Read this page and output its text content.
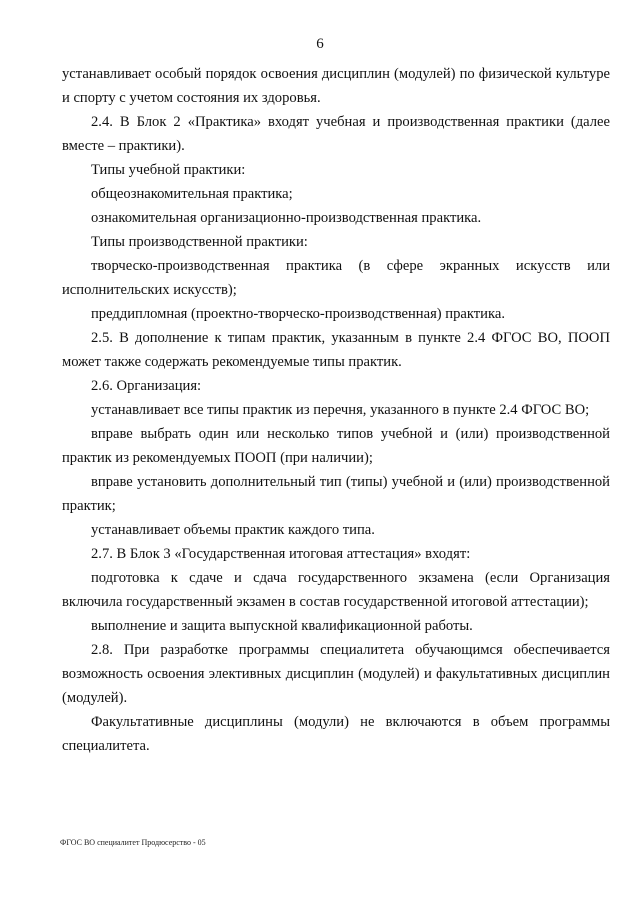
6

устанавливает особый порядок освоения дисциплин (модулей) по физической культуре и спорту с учетом состояния их здоровья.

2.4. В Блок 2 «Практика» входят учебная и производственная практики (далее вместе – практики).

Типы учебной практики:

общеознакомительная практика;

ознакомительная организационно-производственная практика.

Типы производственной практики:

творческо-производственная практика (в сфере экранных искусств или исполнительских искусств);

преддипломная (проектно-творческо-производственная) практика.

2.5. В дополнение к типам практик, указанным в пункте 2.4 ФГОС ВО, ПООП может также содержать рекомендуемые типы практик.

2.6. Организация:

устанавливает все типы практик из перечня, указанного в пункте 2.4 ФГОС ВО;

вправе выбрать один или несколько типов учебной и (или) производственной практик из рекомендуемых ПООП (при наличии);

вправе установить дополнительный тип (типы) учебной и (или) производственной практик;

устанавливает объемы практик каждого типа.

2.7. В Блок 3 «Государственная итоговая аттестация» входят:

подготовка к сдаче и сдача государственного экзамена (если Организация включила государственный экзамен в состав государственной итоговой аттестации);

выполнение и защита выпускной квалификационной работы.

2.8. При разработке программы специалитета обучающимся обеспечивается возможность освоения элективных дисциплин (модулей) и факультативных дисциплин (модулей).

Факультативные дисциплины (модули) не включаются в объем программы специалитета.

ФГОС ВО специалитет Продюсерство - 05
